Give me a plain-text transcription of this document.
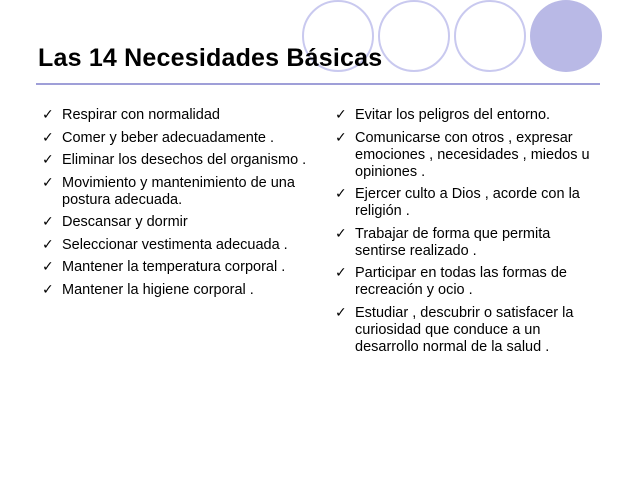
Las 14 Necesidades Básicas
✓ Respirar con normalidad
✓ Comer y beber adecuadamente .
✓ Eliminar los desechos del organismo .
✓ Movimiento y mantenimiento de una postura adecuada.
✓ Descansar y dormir
✓ Seleccionar vestimenta adecuada .
✓ Mantener la temperatura corporal .
✓ Mantener la higiene corporal .
✓ Evitar los peligros del entorno.
✓ Comunicarse con otros , expresar emociones , necesidades , miedos u opiniones .
✓ Ejercer culto a Dios , acorde con la religión .
✓ Trabajar de forma que permita sentirse realizado .
✓ Participar en todas las formas de recreación y ocio .
✓ Estudiar , descubrir o satisfacer la curiosidad que conduce a un desarrollo normal de la salud .
